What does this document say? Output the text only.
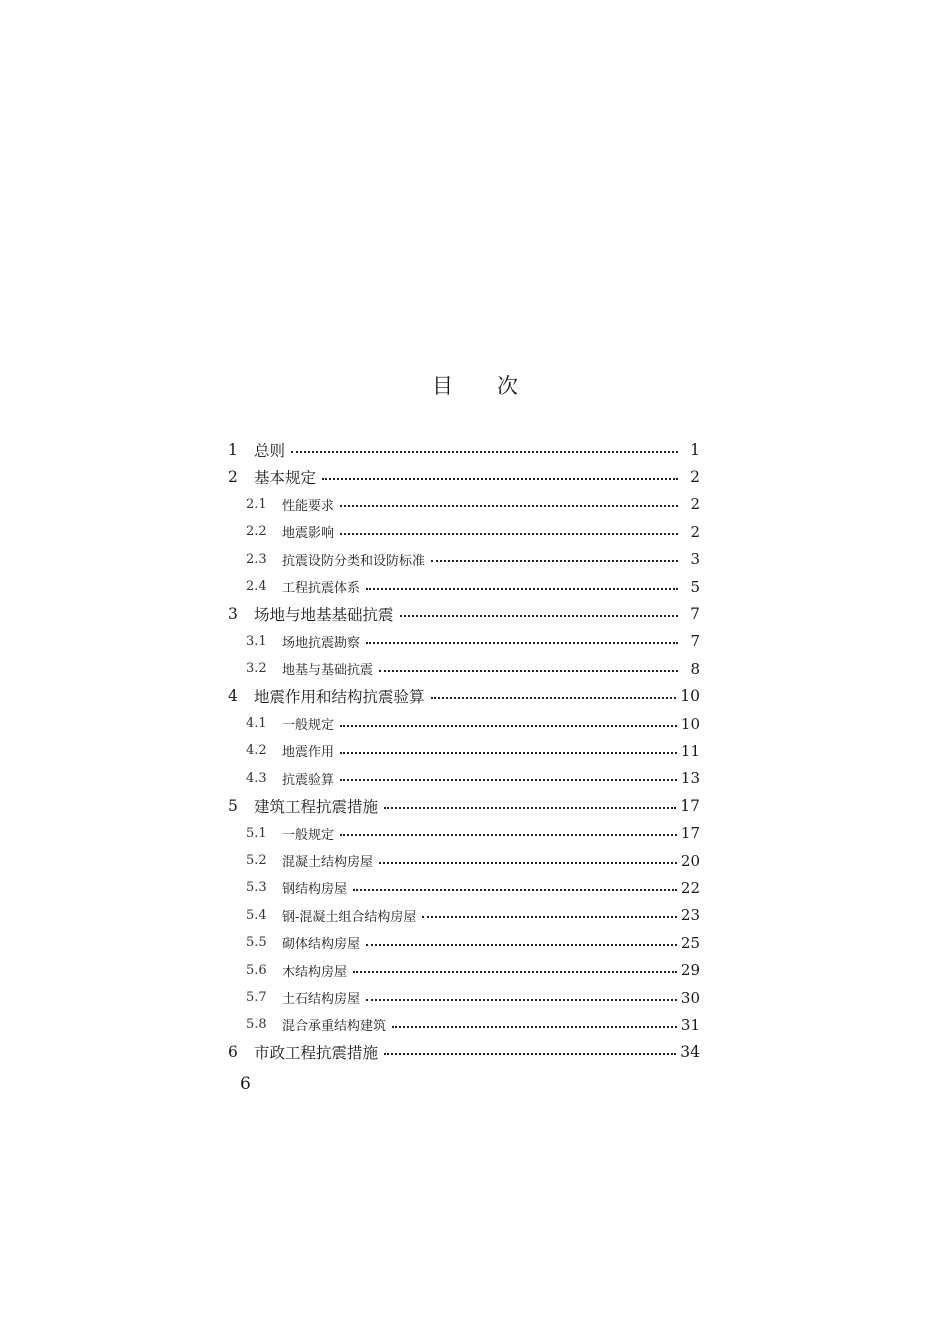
目 次
1	总则	1
2	基本规定	2
2.1	性能要求	2
2.2	地震影响	2
2.3	抗震设防分类和设防标准	3
2.4	工程抗震体系	5
3	场地与地基基础抗震	7
3.1	场地抗震勘察	7
3.2	地基与基础抗震	8
4	地震作用和结构抗震验算	10
4.1	一般规定	10
4.2	地震作用	11
4.3	抗震验算	13
5	建筑工程抗震措施	17
5.1	一般规定	17
5.2	混凝土结构房屋	20
5.3	钢结构房屋	22
5.4	钢-混凝土组合结构房屋	23
5.5	砌体结构房屋	25
5.6	木结构房屋	29
5.7	土石结构房屋	30
5.8	混合承重结构建筑	31
6	市政工程抗震措施	34
6
